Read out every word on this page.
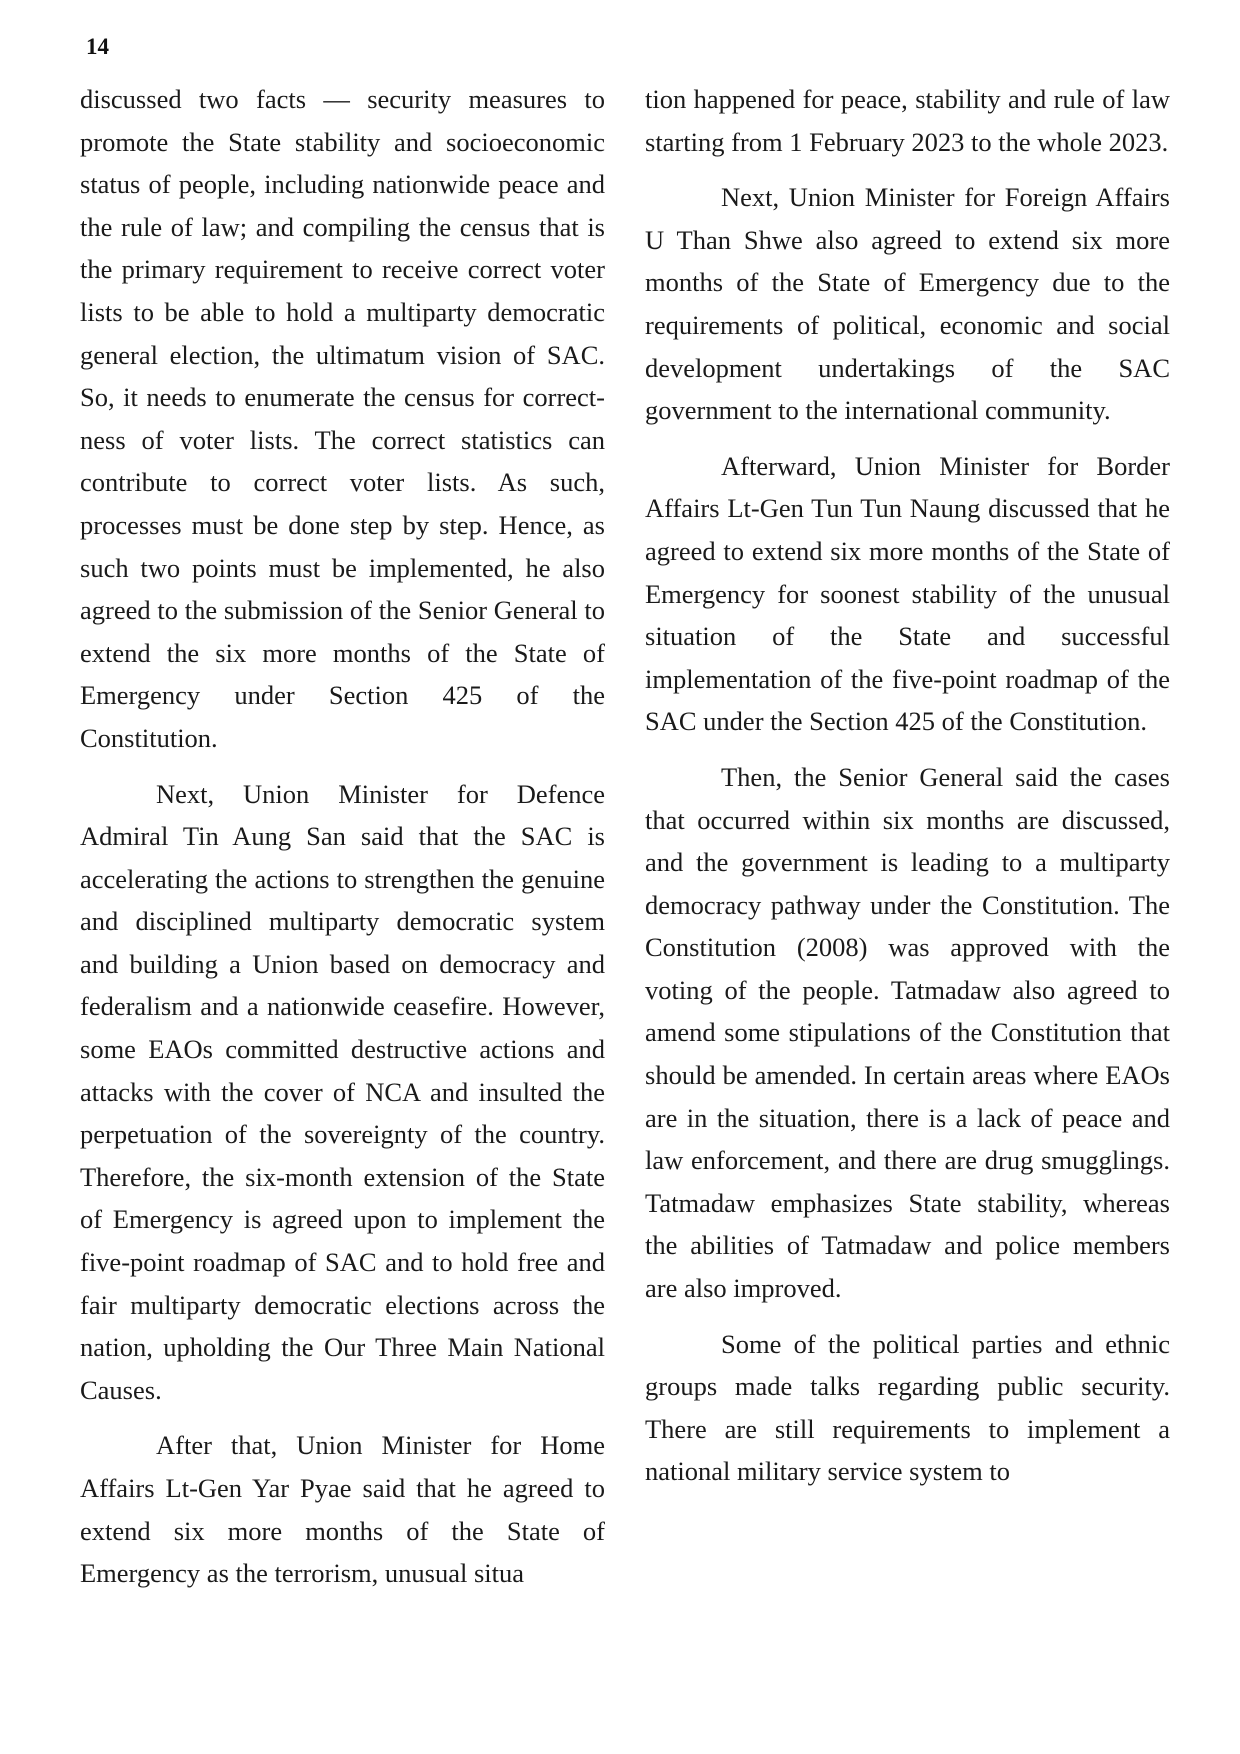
14

discussed two facts — security measures to promote the State stability and socioeconomic status of people, including nationwide peace and the rule of law; and compiling the census that is the primary requirement to receive correct voter lists to be able to hold a multiparty democratic general election, the ultimatum vision of SAC. So, it needs to enumerate the census for correctness of voter lists. The correct statistics can contribute to correct voter lists. As such, processes must be done step by step. Hence, as such two points must be implemented, he also agreed to the submission of the Senior General to extend the six more months of the State of Emergency under Section 425 of the Constitution.

Next, Union Minister for Defence Admiral Tin Aung San said that the SAC is accelerating the actions to strengthen the genuine and disciplined multiparty democratic system and building a Union based on democracy and federalism and a nationwide ceasefire. However, some EAOs committed destructive actions and attacks with the cover of NCA and insulted the perpetuation of the sovereignty of the country. Therefore, the six-month extension of the State of Emergency is agreed upon to implement the five-point roadmap of SAC and to hold free and fair multiparty democratic elections across the nation, upholding the Our Three Main National Causes.

After that, Union Minister for Home Affairs Lt-Gen Yar Pyae said that he agreed to extend six more months of the State of Emergency as the terrorism, unusual situa

tion happened for peace, stability and rule of law starting from 1 February 2023 to the whole 2023.

Next, Union Minister for Foreign Affairs U Than Shwe also agreed to extend six more months of the State of Emergency due to the requirements of political, economic and social development undertakings of the SAC government to the international community.

Afterward, Union Minister for Border Affairs Lt-Gen Tun Tun Naung discussed that he agreed to extend six more months of the State of Emergency for soonest stability of the unusual situation of the State and successful implementation of the five-point roadmap of the SAC under the Section 425 of the Constitution.

Then, the Senior General said the cases that occurred within six months are discussed, and the government is leading to a multiparty democracy pathway under the Constitution. The Constitution (2008) was approved with the voting of the people. Tatmadaw also agreed to amend some stipulations of the Constitution that should be amended. In certain areas where EAOs are in the situation, there is a lack of peace and law enforcement, and there are drug smugglings. Tatmadaw emphasizes State stability, whereas the abilities of Tatmadaw and police members are also improved.

Some of the political parties and ethnic groups made talks regarding public security. There are still requirements to implement a national military service system to
